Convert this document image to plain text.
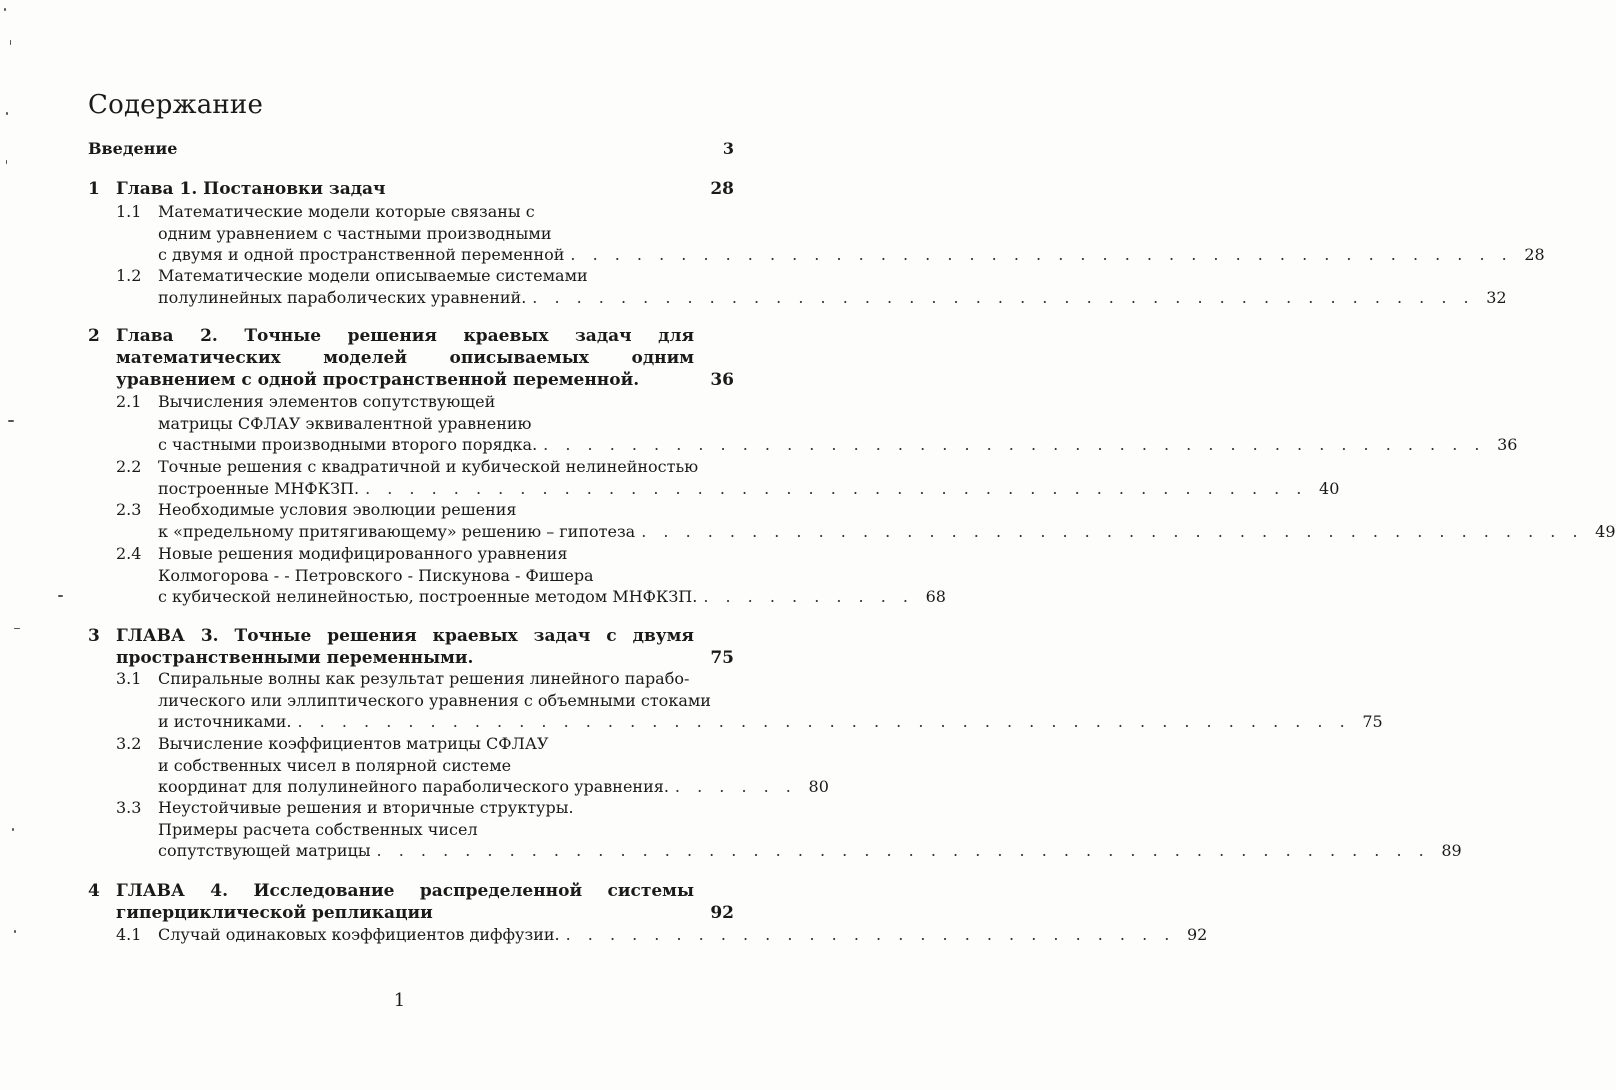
Содержание
Введение	3
1 Глава 1. Постановки задач	28
1.1	Математические модели которые связаны с
одним уравнением с частными производными
с двумя и одной пространственной переменной . . . . . . . . . . . . . . . . . . . . . . . . . . . . . . . . . . . . . . . . . . . 28
1.2	Математические модели описываемые системами
полулинейных параболических уравнений. . . . . . . . . . . . . . . . . . . . . . . . . . . . . . . . . . . . . . . . . . . . 32
2 Глава 2. Точные решения краевых задач для математических моделей описываемых одним уравнением с одной пространственной переменной.	36
2.1	Вычисления элементов сопутствующей
матрицы СФЛАУ эквивалентной уравнению
с частными производными второго порядка. . . . . . . . . . . . . . . . . . . . . . . . . . . . . . . . . . . . . . . . . . . . 36
2.2	Точные решения с квадратичной и кубической нелинейностью
построенные МНФКЗП. . . . . . . . . . . . . . . . . . . . . . . . . . . . . . . . . . . . . . . . . . . . 40
2.3	Необходимые условия эволюции решения
к «предельному притягивающему» решению – гипотеза . . . . . . . . . . . . . . . . . . . . . . . . . . . . . . . . . . . . . . . . . . . 49
2.4	Новые решения модифицированного уравнения
Колмогорова - - Петровского - Пискунова - Фишера
с кубической нелинейностью, построенные методом МНФКЗП. . . . . . . . . . . 68
3 ГЛАВА 3. Точные решения краевых задач с двумя пространственными переменными.	75
3.1	Спиральные волны как результат решения линейного парабо-
лического или эллиптического уравнения с объемными стоками
и источниками. . . . . . . . . . . . . . . . . . . . . . . . . . . . . . . . . . . . . . . . . . . . . . . . . 75
3.2	Вычисление коэффициентов матрицы СФЛАУ
и собственных чисел в полярной системе
координат для полулинейного параболического уравнения. . . . . . . 80
3.3	Неустойчивые решения и вторичные структуры.
Примеры расчета собственных чисел
сопутствующей матрицы . . . . . . . . . . . . . . . . . . . . . . . . . . . . . . . . . . . . . . . . . . . . . . . . 89
4 ГЛАВА 4. Исследование распределенной системы гиперциклической репликации	92
4.1	Случай одинаковых коэффициентов диффузии. . . . . . . . . . . . . . . . . . . . . . . . . . . . . 92
1
